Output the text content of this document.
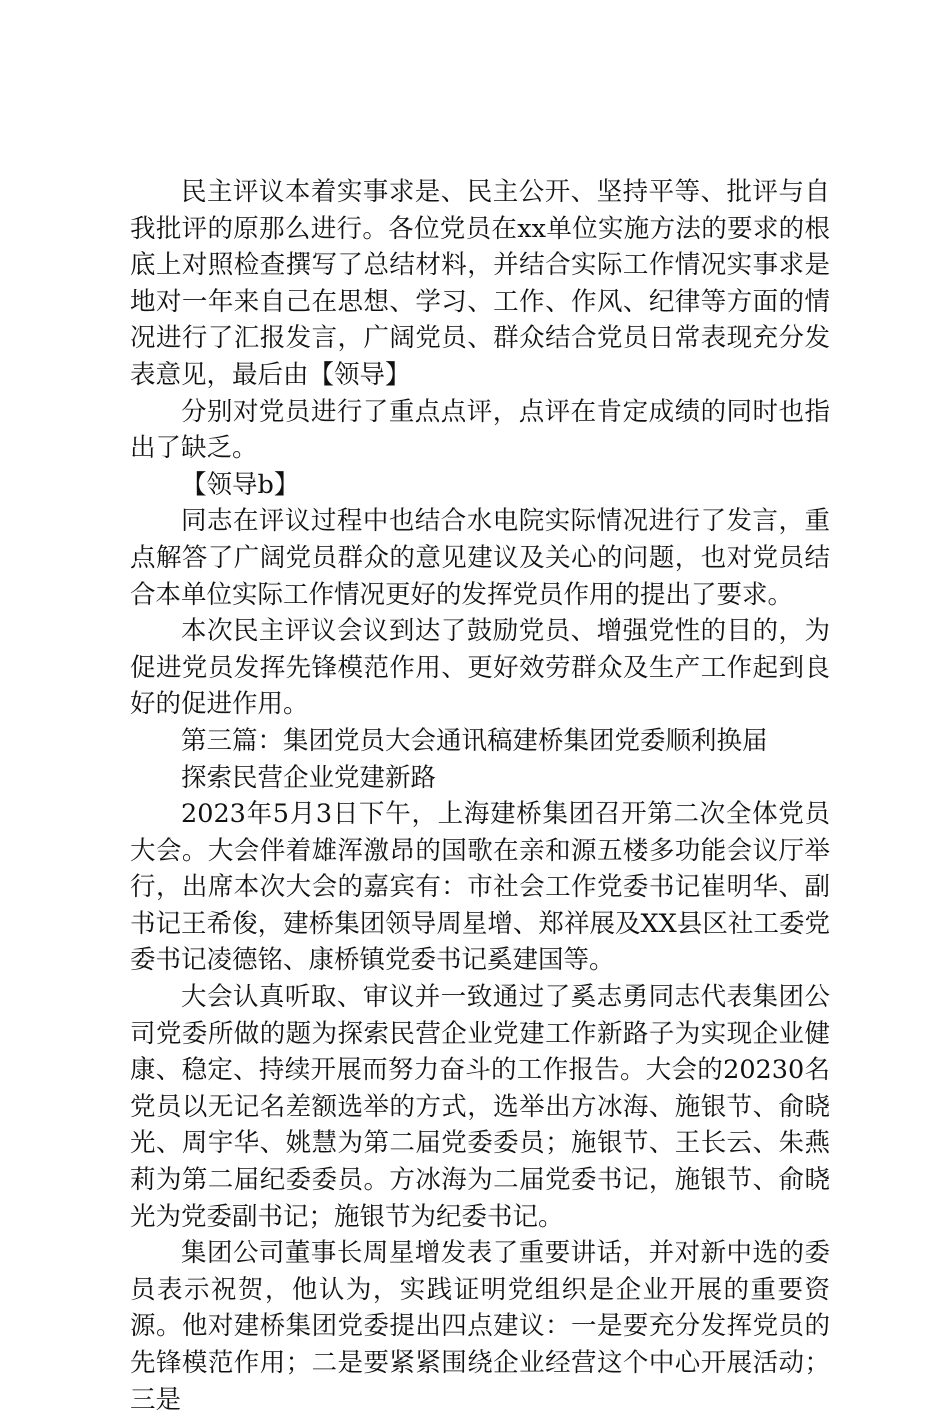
民主评议本着实事求是、民主公开、坚持平等、批评与自我批评的原那么进行。各位党员在xx单位实施方法的要求的根底上对照检查撰写了总结材料，并结合实际工作情况实事求是地对一年来自己在思想、学习、工作、作风、纪律等方面的情况进行了汇报发言，广阔党员、群众结合党员日常表现充分发表意见，最后由【领导】

分别对党员进行了重点点评，点评在肯定成绩的同时也指出了缺乏。

【领导b】

同志在评议过程中也结合水电院实际情况进行了发言，重点解答了广阔党员群众的意见建议及关心的问题，也对党员结合本单位实际工作情况更好的发挥党员作用的提出了要求。

本次民主评议会议到达了鼓励党员、增强党性的目的，为促进党员发挥先锋模范作用、更好效劳群众及生产工作起到良好的促进作用。

第三篇：集团党员大会通讯稿建桥集团党委顺利换届

探索民营企业党建新路

2023年5月3日下午，上海建桥集团召开第二次全体党员大会。大会伴着雄浑激昂的国歌在亲和源五楼多功能会议厅举行，出席本次大会的嘉宾有：市社会工作党委书记崔明华、副书记王希俊，建桥集团领导周星增、郑祥展及XX县区社工委党委书记凌德铭、康桥镇党委书记奚建国等。

大会认真听取、审议并一致通过了奚志勇同志代表集团公司党委所做的题为探索民营企业党建工作新路子为实现企业健康、稳定、持续开展而努力奋斗的工作报告。大会的20230名党员以无记名差额选举的方式，选举出方冰海、施银节、俞晓光、周宇华、姚慧为第二届党委委员；施银节、王长云、朱燕莉为第二届纪委委员。方冰海为二届党委书记，施银节、俞晓光为党委副书记；施银节为纪委书记。

集团公司董事长周星增发表了重要讲话，并对新中选的委员表示祝贺，他认为，实践证明党组织是企业开展的重要资源。他对建桥集团党委提出四点建议：一是要充分发挥党员的先锋模范作用；二是要紧紧围绕企业经营这个中心开展活动；三是
